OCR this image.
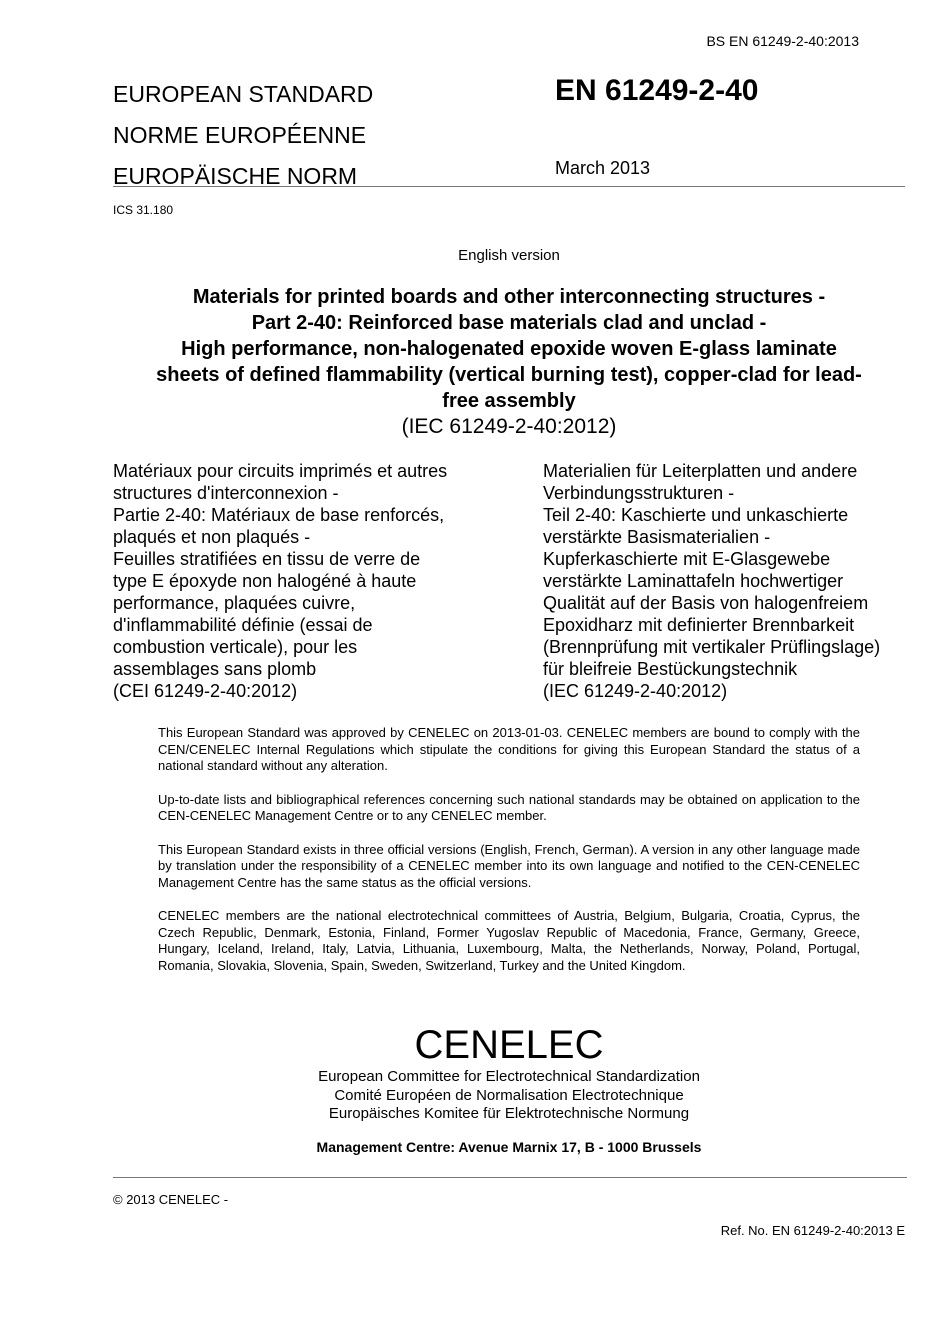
BS EN 61249-2-40:2013
EUROPEAN STANDARD
NORME EUROPÉENNE
EUROPÄISCHE NORM
EN 61249-2-40
March 2013
ICS 31.180
English version
Materials for printed boards and other interconnecting structures -
Part 2-40: Reinforced base materials clad and unclad -
High performance, non-halogenated epoxide woven E-glass laminate
sheets of defined flammability (vertical burning test), copper-clad for lead-
free assembly
(IEC 61249-2-40:2012)
Matériaux pour circuits imprimés et autres
structures d'interconnexion -
Partie 2-40: Matériaux de base renforcés,
plaqués et non plaqués -
Feuilles stratifiées en tissu de verre de
type E époxyde non halogéné à haute
performance, plaquées cuivre,
d'inflammabilité définie (essai de
combustion verticale), pour les
assemblages sans plomb
(CEI 61249-2-40:2012)
Materialien für Leiterplatten und andere
Verbindungsstrukturen -
Teil 2-40: Kaschierte und unkaschierte
verstärkte Basismaterialien -
Kupferkaschierte mit E-Glasgewebe
verstärkte Laminattafeln hochwertiger
Qualität auf der Basis von halogenfreiem
Epoxidharz mit definierter Brennbarkeit
(Brennprüfung mit vertikaler Prüflingslage)
für bleifreie Bestückungstechnik
(IEC 61249-2-40:2012)

This European Standard was approved by CENELEC on 2013-01-03. CENELEC members are bound to comply with the CEN/CENELEC Internal Regulations which stipulate the conditions for giving this European Standard the status of a national standard without any alteration.

Up-to-date lists and bibliographical references concerning such national standards may be obtained on application to the CEN-CENELEC Management Centre or to any CENELEC member.

This European Standard exists in three official versions (English, French, German). A version in any other language made by translation under the responsibility of a CENELEC member into its own language and notified to the CEN-CENELEC Management Centre has the same status as the official versions.

CENELEC members are the national electrotechnical committees of Austria, Belgium, Bulgaria, Croatia, Cyprus, the Czech Republic, Denmark, Estonia, Finland, Former Yugoslav Republic of Macedonia, France, Germany, Greece, Hungary, Iceland, Ireland, Italy, Latvia, Lithuania, Luxembourg, Malta, the Netherlands, Norway, Poland, Portugal, Romania, Slovakia, Slovenia, Spain, Sweden, Switzerland, Turkey and the United Kingdom.

CENELEC
European Committee for Electrotechnical Standardization
Comité Européen de Normalisation Electrotechnique
Europäisches Komitee für Elektrotechnische Normung
Management Centre: Avenue Marnix 17, B - 1000 Brussels
© 2013 CENELEC -
Ref. No. EN 61249-2-40:2013 E
